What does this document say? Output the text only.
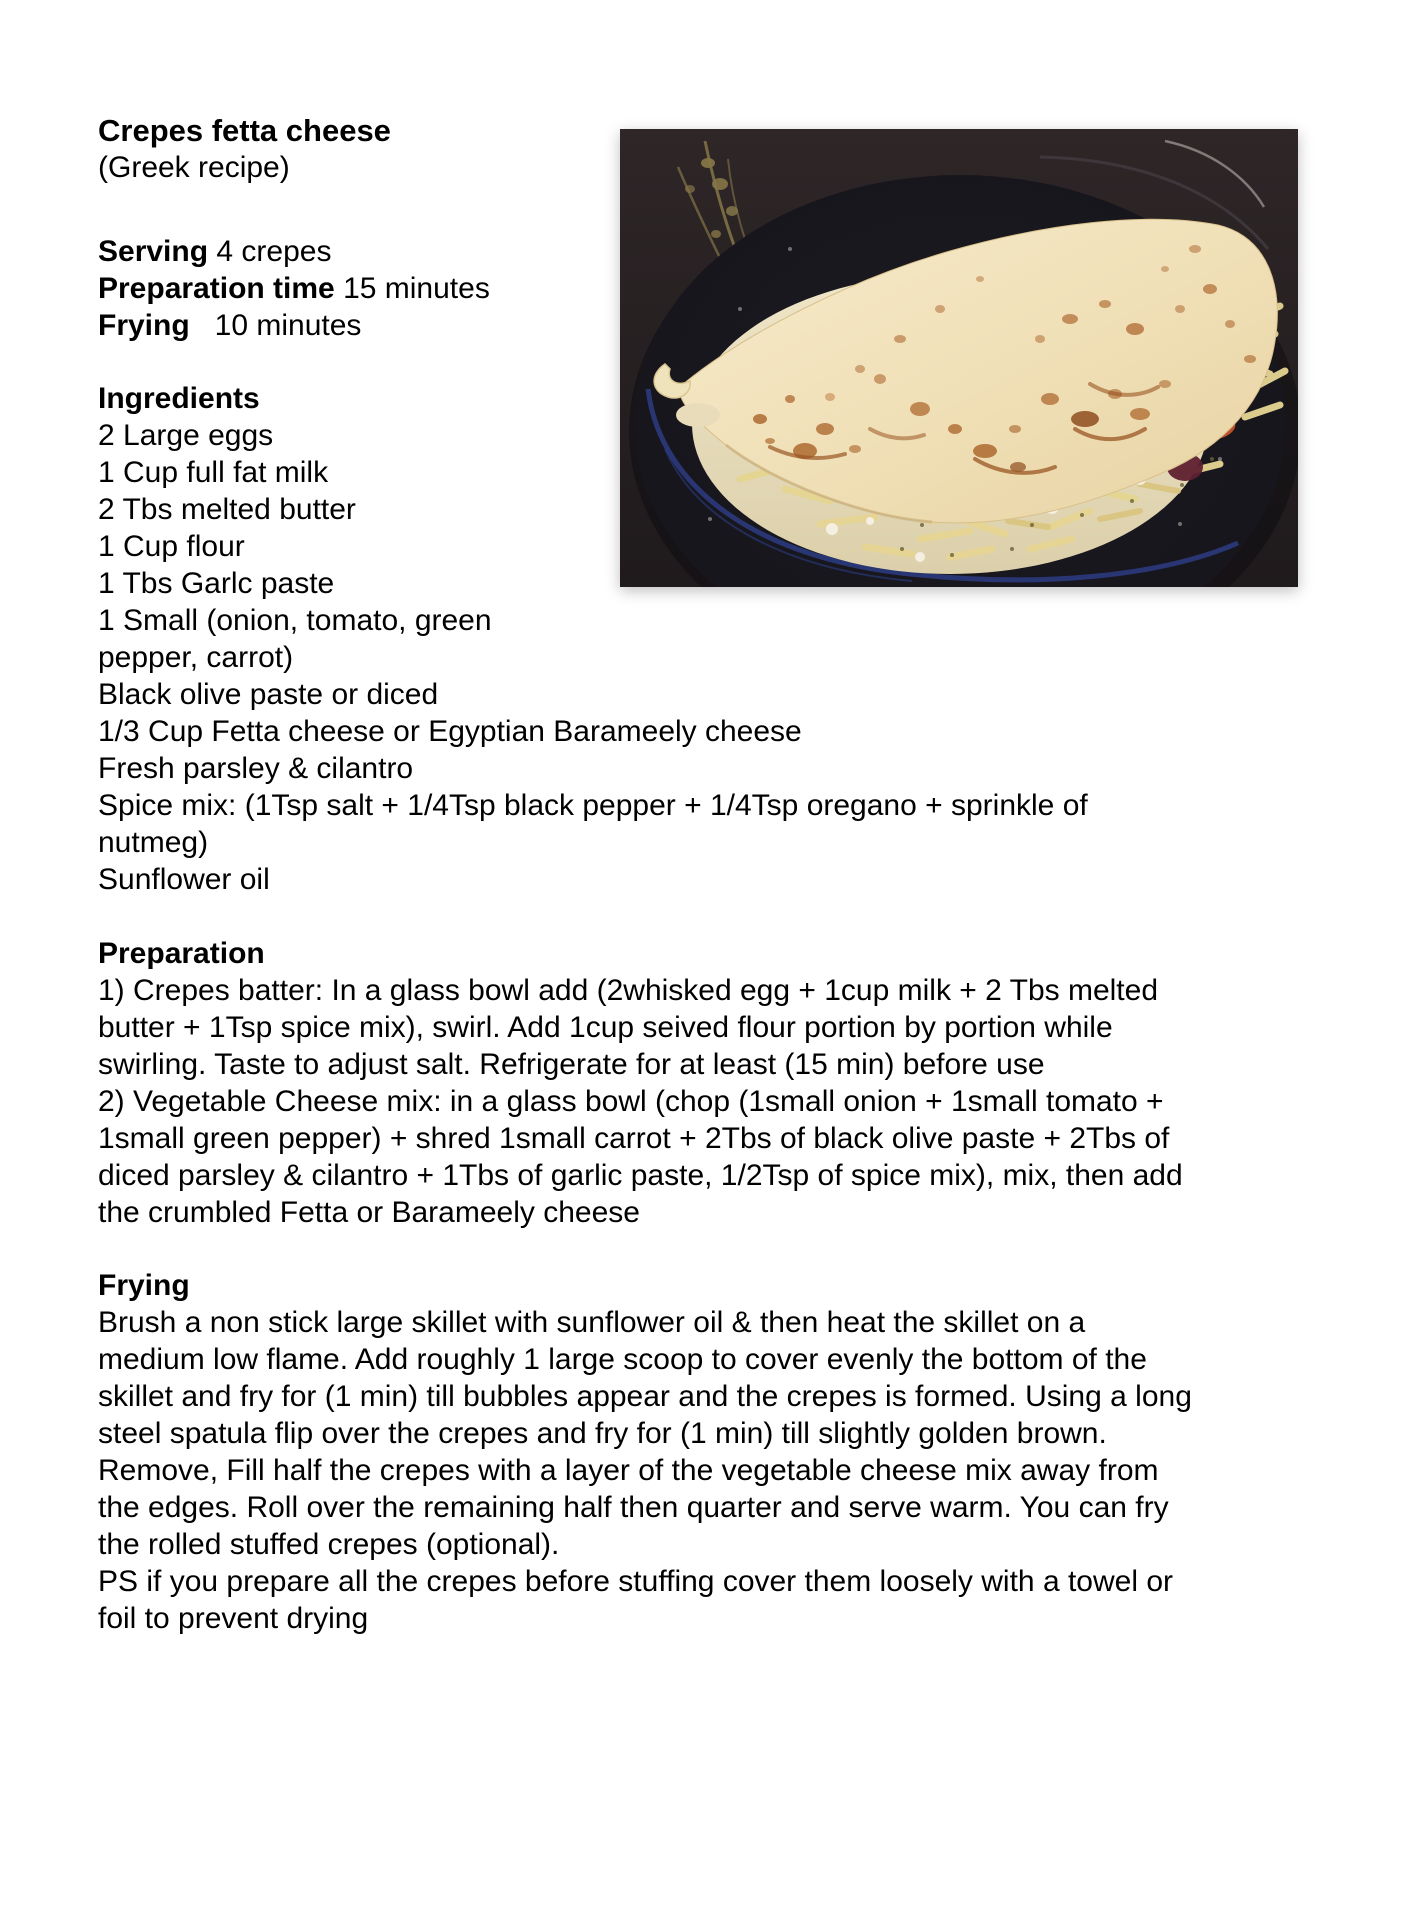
Crepes fetta cheese
(Greek recipe)
Serving 4 crepes
Preparation time 15 minutes
Frying   10 minutes
Ingredients
2 Large eggs
1 Cup full fat milk
2 Tbs melted butter
1 Cup flour
1 Tbs Garlc paste
1 Small (onion, tomato, green
pepper, carrot)
Black olive paste or diced
1/3 Cup Fetta cheese or Egyptian Barameely cheese
Fresh parsley & cilantro
Spice mix: (1Tsp salt + 1/4Tsp black pepper + 1/4Tsp oregano + sprinkle of
nutmeg)
Sunflower oil
Preparation
1) Crepes batter: In a glass bowl add (2whisked egg + 1cup milk + 2 Tbs melted
butter + 1Tsp spice mix), swirl. Add 1cup seived flour portion by portion while
swirling. Taste to adjust salt. Refrigerate for at least (15 min) before use
2) Vegetable Cheese mix: in a glass bowl (chop (1small onion + 1small tomato +
1small green pepper) + shred 1small carrot + 2Tbs of black olive paste + 2Tbs of
diced parsley & cilantro + 1Tbs of garlic paste, 1/2Tsp of spice mix), mix, then add
the crumbled Fetta or Barameely cheese
Frying
Brush a non stick large skillet with sunflower oil & then heat the skillet on a
medium low flame. Add roughly 1 large scoop to cover evenly the bottom of the
skillet and fry for (1 min) till bubbles appear and the crepes is formed. Using a long
steel spatula flip over the crepes and fry for (1 min) till slightly golden brown.
Remove, Fill half the crepes with a layer of the vegetable cheese mix away from
the edges. Roll over the remaining half then quarter and serve warm. You can fry
the rolled stuffed crepes (optional).
PS if you prepare all the crepes before stuffing cover them loosely with a towel or
foil to prevent drying
